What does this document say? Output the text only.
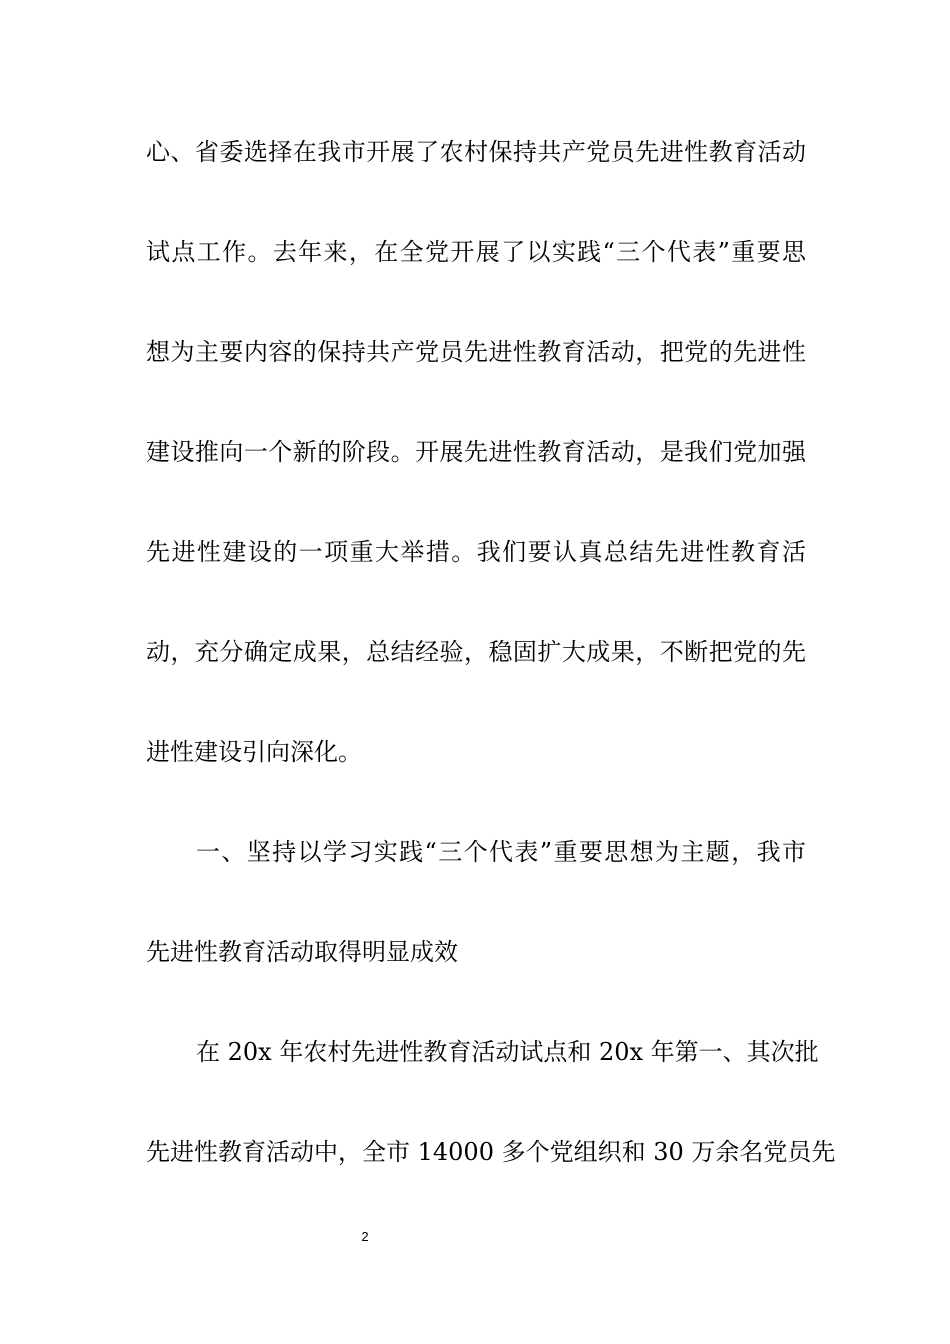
心、省委选择在我市开展了农村保持共产党员先进性教育活动
试点工作。去年来，在全党开展了以实践“三个代表”重要思
想为主要内容的保持共产党员先进性教育活动，把党的先进性
建设推向一个新的阶段。开展先进性教育活动，是我们党加强
先进性建设的一项重大举措。我们要认真总结先进性教育活
动，充分确定成果，总结经验，稳固扩大成果，不断把党的先
进性建设引向深化。
一、坚持以学习实践“三个代表”重要思想为主题，我市
先进性教育活动取得明显成效
在 20x 年农村先进性教育活动试点和 20x 年第一、其次批
先进性教育活动中，全市 14000 多个党组织和 30 万余名党员先
2
